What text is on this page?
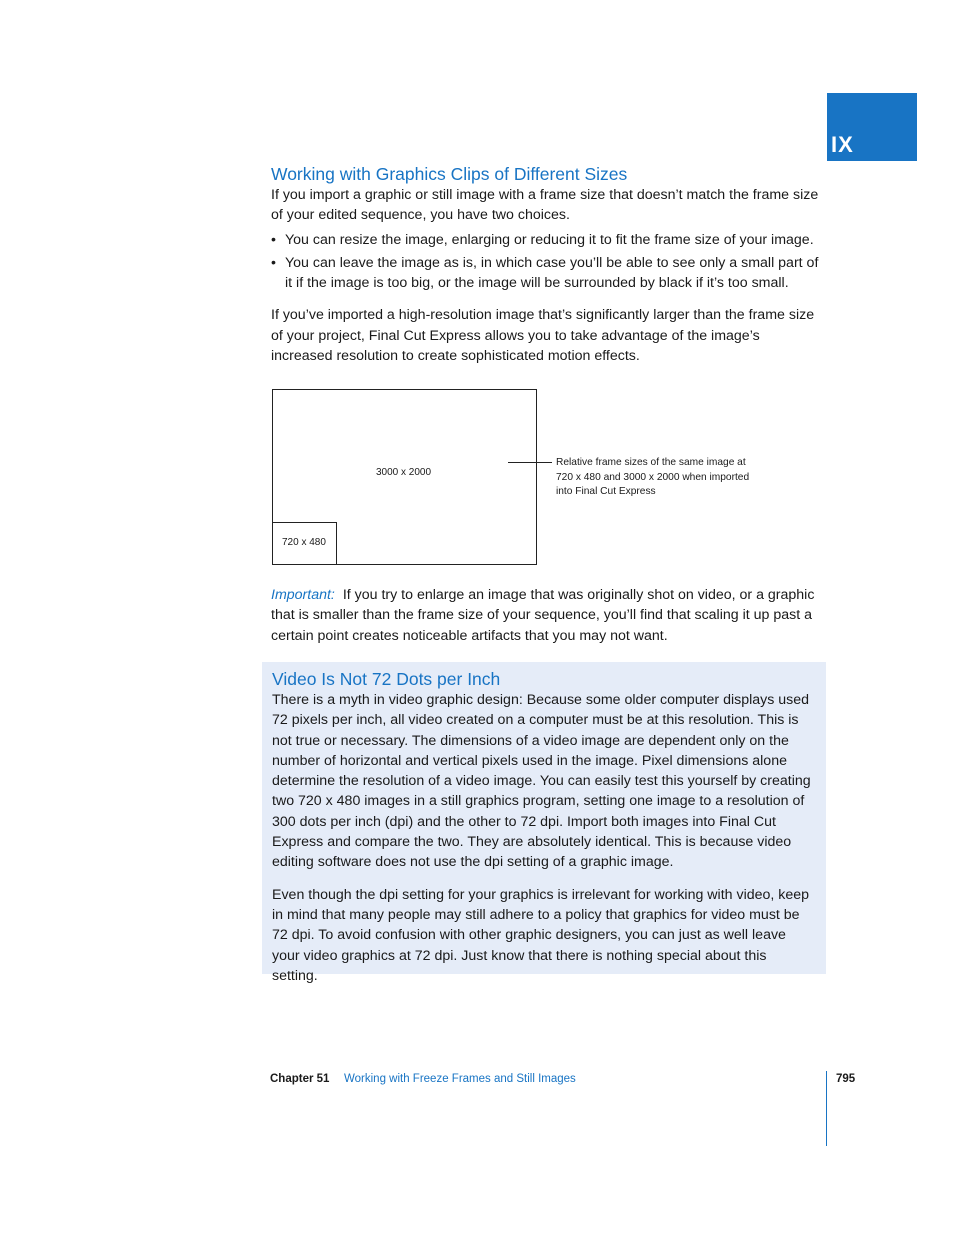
IX
Working with Graphics Clips of Different Sizes

If you import a graphic or still image with a frame size that doesn’t match the frame size of your edited sequence, you have two choices.

• You can resize the image, enlarging or reducing it to fit the frame size of your image.
• You can leave the image as is, in which case you’ll be able to see only a small part of it if the image is too big, or the image will be surrounded by black if it’s too small.

If you’ve imported a high-resolution image that’s significantly larger than the frame size of your project, Final Cut Express allows you to take advantage of the image’s increased resolution to create sophisticated motion effects.

3000 x 2000
720 x 480
Relative frame sizes of the same image at 720 x 480 and 3000 x 2000 when imported into Final Cut Express

Important: If you try to enlarge an image that was originally shot on video, or a graphic that is smaller than the frame size of your sequence, you’ll find that scaling it up past a certain point creates noticeable artifacts that you may not want.

Video Is Not 72 Dots per Inch

There is a myth in video graphic design: Because some older computer displays used 72 pixels per inch, all video created on a computer must be at this resolution. This is not true or necessary. The dimensions of a video image are dependent only on the number of horizontal and vertical pixels used in the image. Pixel dimensions alone determine the resolution of a video image. You can easily test this yourself by creating two 720 x 480 images in a still graphics program, setting one image to a resolution of 300 dots per inch (dpi) and the other to 72 dpi. Import both images into Final Cut Express and compare the two. They are absolutely identical. This is because video editing software does not use the dpi setting of a graphic image.

Even though the dpi setting for your graphics is irrelevant for working with video, keep in mind that many people may still adhere to a policy that graphics for video must be 72 dpi. To avoid confusion with other graphic designers, you can just as well leave your video graphics at 72 dpi. Just know that there is nothing special about this setting.

Chapter 51 Working with Freeze Frames and Still Images	795
